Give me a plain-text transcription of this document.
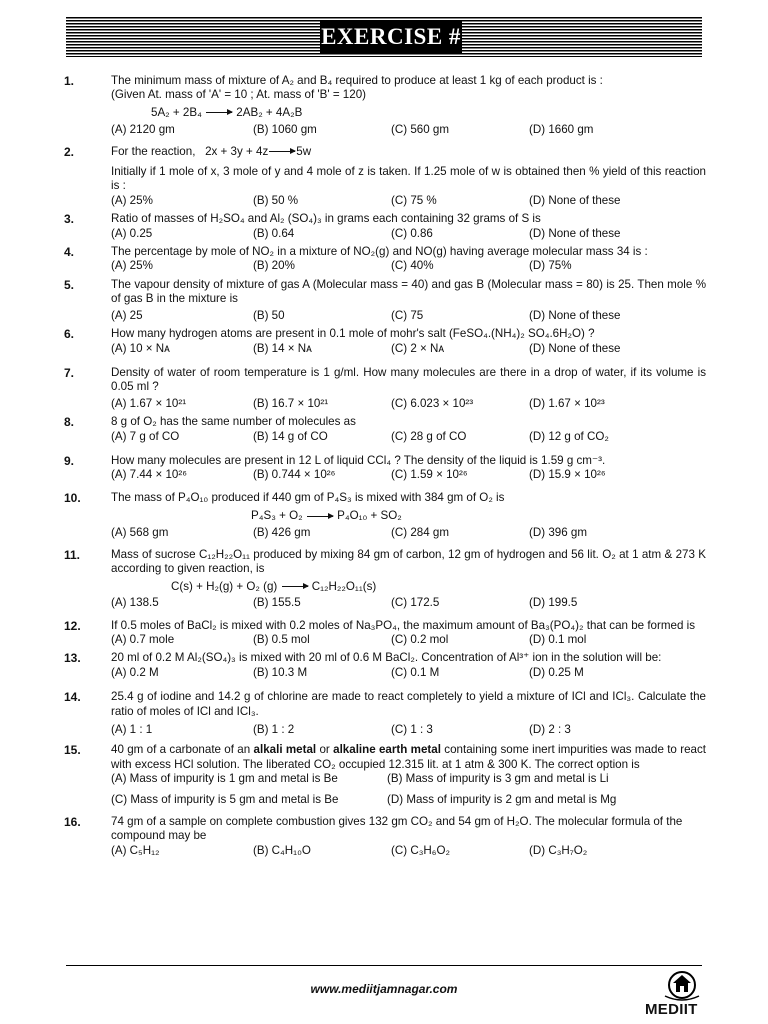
EXERCISE # 1
1.	The minimum mass of mixture of A₂ and B₄ required to produce at least 1 kg of each product is :
(Given At. mass of 'A' = 10 ; At. mass of 'B' = 120)
5A₂ + 2B₄	2AB₂ + 4A₂B
(A) 2120 gm	(B) 1060 gm	(C) 560 gm	(D) 1660 gm
2.	For the reaction, 2x + 3y + 4z 5w
Initially if 1 mole of x, 3 mole of y and 4 mole of z is taken. If 1.25 mole of w is obtained then % yield of this reaction is :
(A) 25%	(B) 50 %	(C) 75 %	(D) None of these
3.	Ratio of masses of H₂SO₄ and Al₂ (SO₄)₃ in grams each containing 32 grams of S is
(A) 0.25	(B) 0.64	(C) 0.86	(D) None of these
4.	The percentage by mole of NO₂ in a mixture of NO₂(g) and NO(g) having average molecular mass 34 is :
(A) 25%	(B) 20%	(C) 40%	(D) 75%
5.	The vapour density of mixture of gas A (Molecular mass = 40) and gas B (Molecular mass = 80) is 25. Then mole % of gas B in the mixture is
(A) 25	(B) 50	(C) 75	(D) None of these
6.	How many hydrogen atoms are present in 0.1 mole of mohr's salt (FeSO₄.(NH₄)₂ SO₄.6H₂O) ?
(A) 10 × Nᴀ	(B) 14 × Nᴀ	(C) 2 × Nᴀ	(D) None of these
7.	Density of water of room temperature is 1 g/ml. How many molecules are there in a drop of water, if its volume is 0.05 ml ?
(A) 1.67 × 10²¹	(B) 16.7 × 10²¹	(C) 6.023 × 10²³	(D) 1.67 × 10²³
8.	8 g of O₂ has the same number of molecules as
(A) 7 g of CO	(B) 14 g of CO	(C) 28 g of CO	(D) 12 g of CO₂
9.	How many molecules are present in 12 L of liquid CCl₄ ? The density of the liquid is 1.59 g cm⁻³.
(A) 7.44 × 10²⁶	(B) 0.744 × 10²⁶	(C) 1.59 × 10²⁶	(D) 15.9 × 10²⁶
10.	The mass of P₄O₁₀ produced if 440 gm of P₄S₃ is mixed with 384 gm of O₂ is
P₄S₃ + O₂	P₄O₁₀ + SO₂
(A) 568 gm	(B) 426 gm	(C) 284 gm	(D) 396 gm
11.	Mass of sucrose C₁₂H₂₂O₁₁ produced by mixing 84 gm of carbon, 12 gm of hydrogen and 56 lit. O₂ at 1 atm & 273 K according to given reaction, is
C(s) + H₂(g) + O₂ (g)	C₁₂H₂₂O₁₁(s)
(A) 138.5	(B) 155.5	(C) 172.5	(D) 199.5
12.	If 0.5 moles of BaCl₂ is mixed with 0.2 moles of Na₃PO₄, the maximum amount of Ba₃(PO₄)₂ that can be formed is
(A) 0.7 mole	(B) 0.5 mol	(C) 0.2 mol	(D) 0.1 mol
13.	20 ml of 0.2 M Al₂(SO₄)₃ is mixed with 20 ml of 0.6 M BaCl₂. Concentration of Al³⁺ ion in the solution will be:
(A) 0.2 M	(B) 10.3 M	(C) 0.1 M	(D) 0.25 M
14.	25.4 g of iodine and 14.2 g of chlorine are made to react completely to yield a mixture of ICl and ICl₃. Calculate the ratio of moles of ICl and ICl₃.
(A) 1 : 1	(B) 1 : 2	(C) 1 : 3	(D) 2 : 3
15.	40 gm of a carbonate of an alkali metal or alkaline earth metal containing some inert impurities was made to react with excess HCl solution. The liberated CO₂ occupied 12.315 lit. at 1 atm & 300 K. The correct option is
(A) Mass of impurity is 1 gm and metal is Be	(B) Mass of impurity is 3 gm and metal is Li
(C) Mass of impurity is 5 gm and metal is Be	(D) Mass of impurity is 2 gm and metal is Mg
16.	74 gm of a sample on complete combustion gives 132 gm CO₂ and 54 gm of H₂O. The molecular formula of the compound may be
(A) C₅H₁₂	(B) C₄H₁₀O	(C) C₃H₆O₂	(D) C₃H₇O₂
www.mediitjamnagar.com
MEDIIT
